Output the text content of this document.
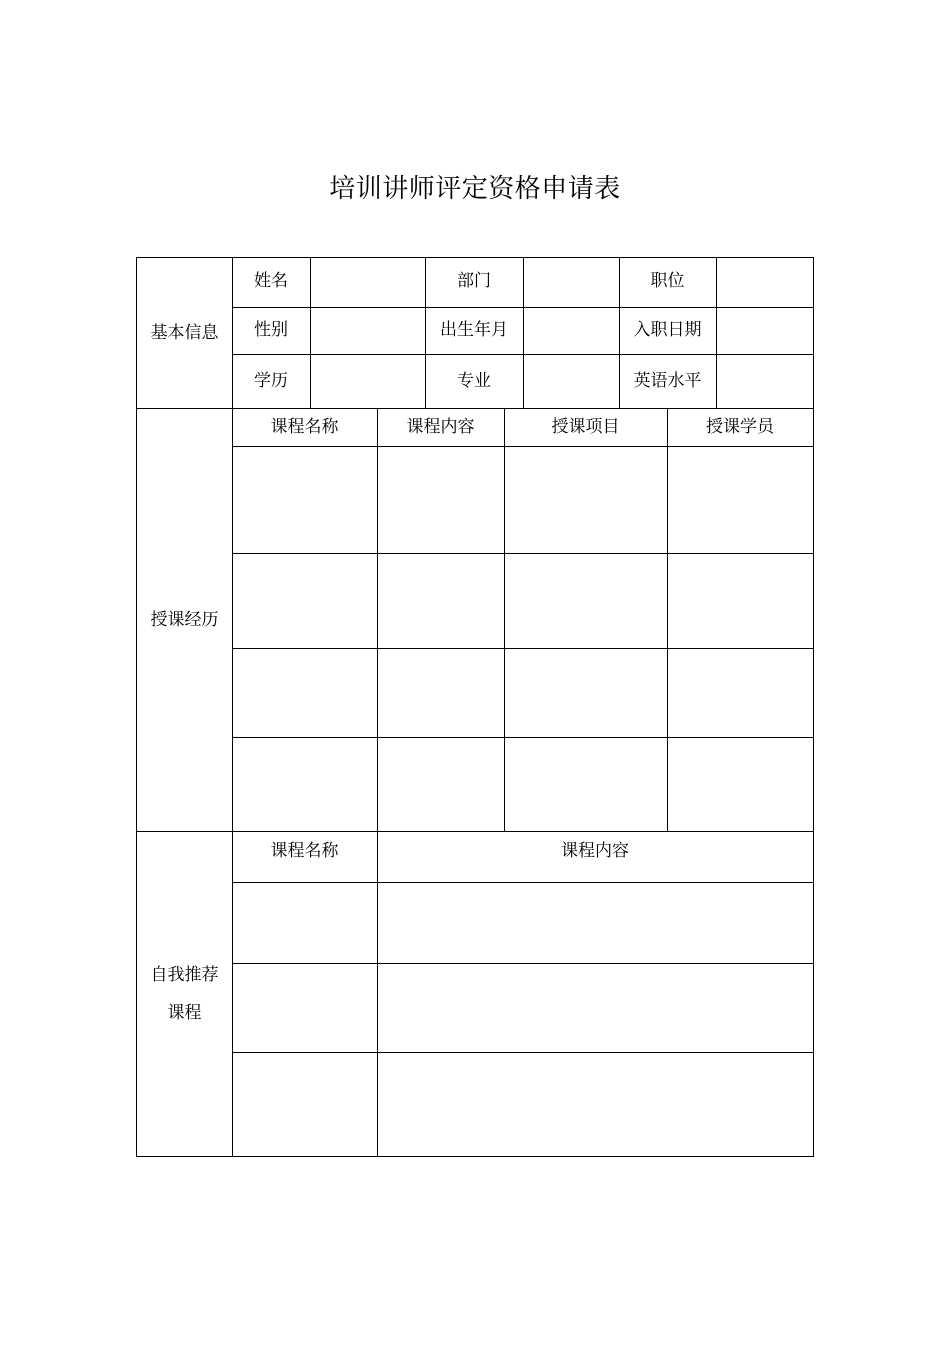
培训讲师评定资格申请表
基本信息
姓名	部门	职位
性别	出生年月	入职日期
学历	专业	英语水平
授课经历
课程名称	课程内容	授课项目	授课学员
自我推荐
课程
课程名称	课程内容
